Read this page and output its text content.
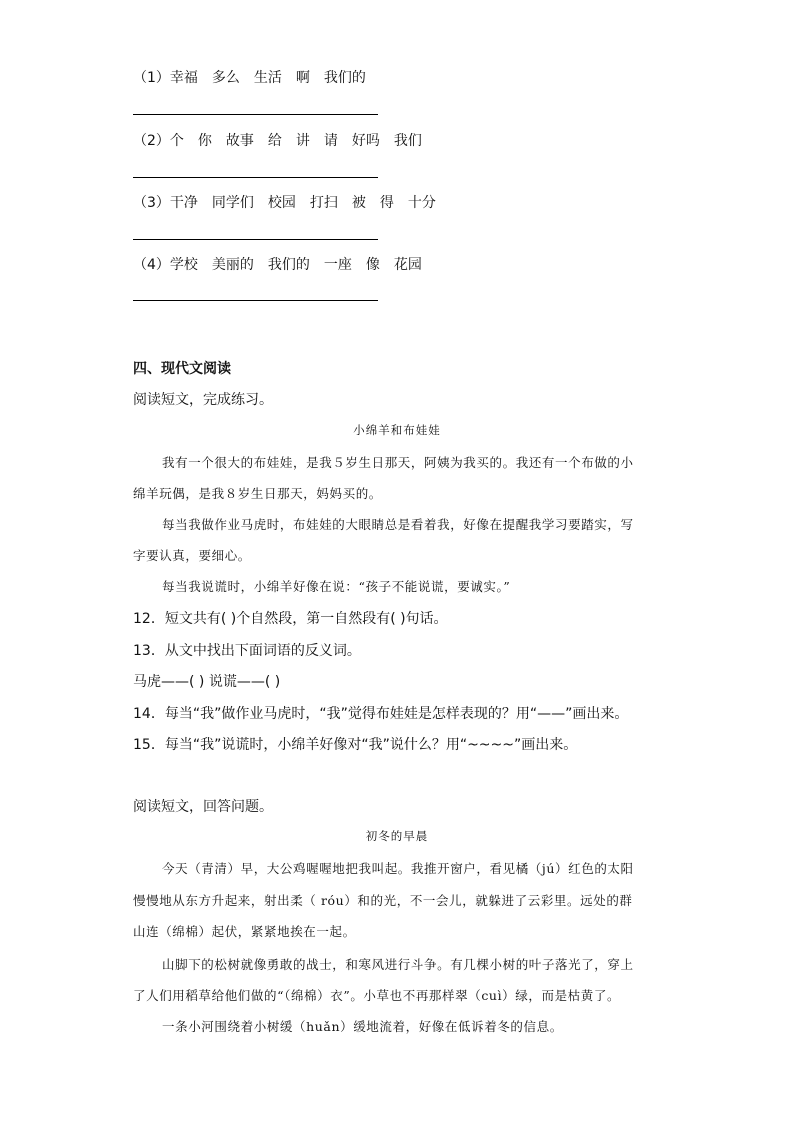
（1）幸福 多么 生活 啊 我们的
（2）个 你 故事 给 讲 请 好吗 我们
（3）干净 同学们 校园 打扫 被 得 十分
（4）学校 美丽的 我们的 一座 像 花园
四、现代文阅读
阅读短文，完成练习。
小绵羊和布娃娃
我有一个很大的布娃娃，是我５岁生日那天，阿姨为我买的。我还有一个布做的小
绵羊玩偶，是我８岁生日那天，妈妈买的。
每当我做作业马虎时，布娃娃的大眼睛总是看着我，好像在提醒我学习要踏实，写
字要认真，要细心。
每当我说谎时，小绵羊好像在说：“孩子不能说谎，要诚实。”
12．短文共有( )个自然段，第一自然段有( )句话。
13．从文中找出下面词语的反义词。
马虎——( ) 说谎——( )
14．每当“我”做作业马虎时，“我”觉得布娃娃是怎样表现的？用“——”画出来。
15．每当“我”说谎时，小绵羊好像对“我”说什么？用“~~~~”画出来。
阅读短文，回答问题。
初冬的早晨
今天（青清）早，大公鸡喔喔地把我叫起。我推开窗户，看见橘（jú）红色的太阳
慢慢地从东方升起来，射出柔（ róu）和的光，不一会儿，就躲进了云彩里。远处的群
山连（绵棉）起伏，紧紧地挨在一起。
山脚下的松树就像勇敢的战士，和寒风进行斗争。有几棵小树的叶子落光了，穿上
了人们用稻草给他们做的“（绵棉）衣”。小草也不再那样翠（cuì）绿，而是枯黄了。
一条小河围绕着小树缓（huǎn）缓地流着，好像在低诉着冬的信息。
